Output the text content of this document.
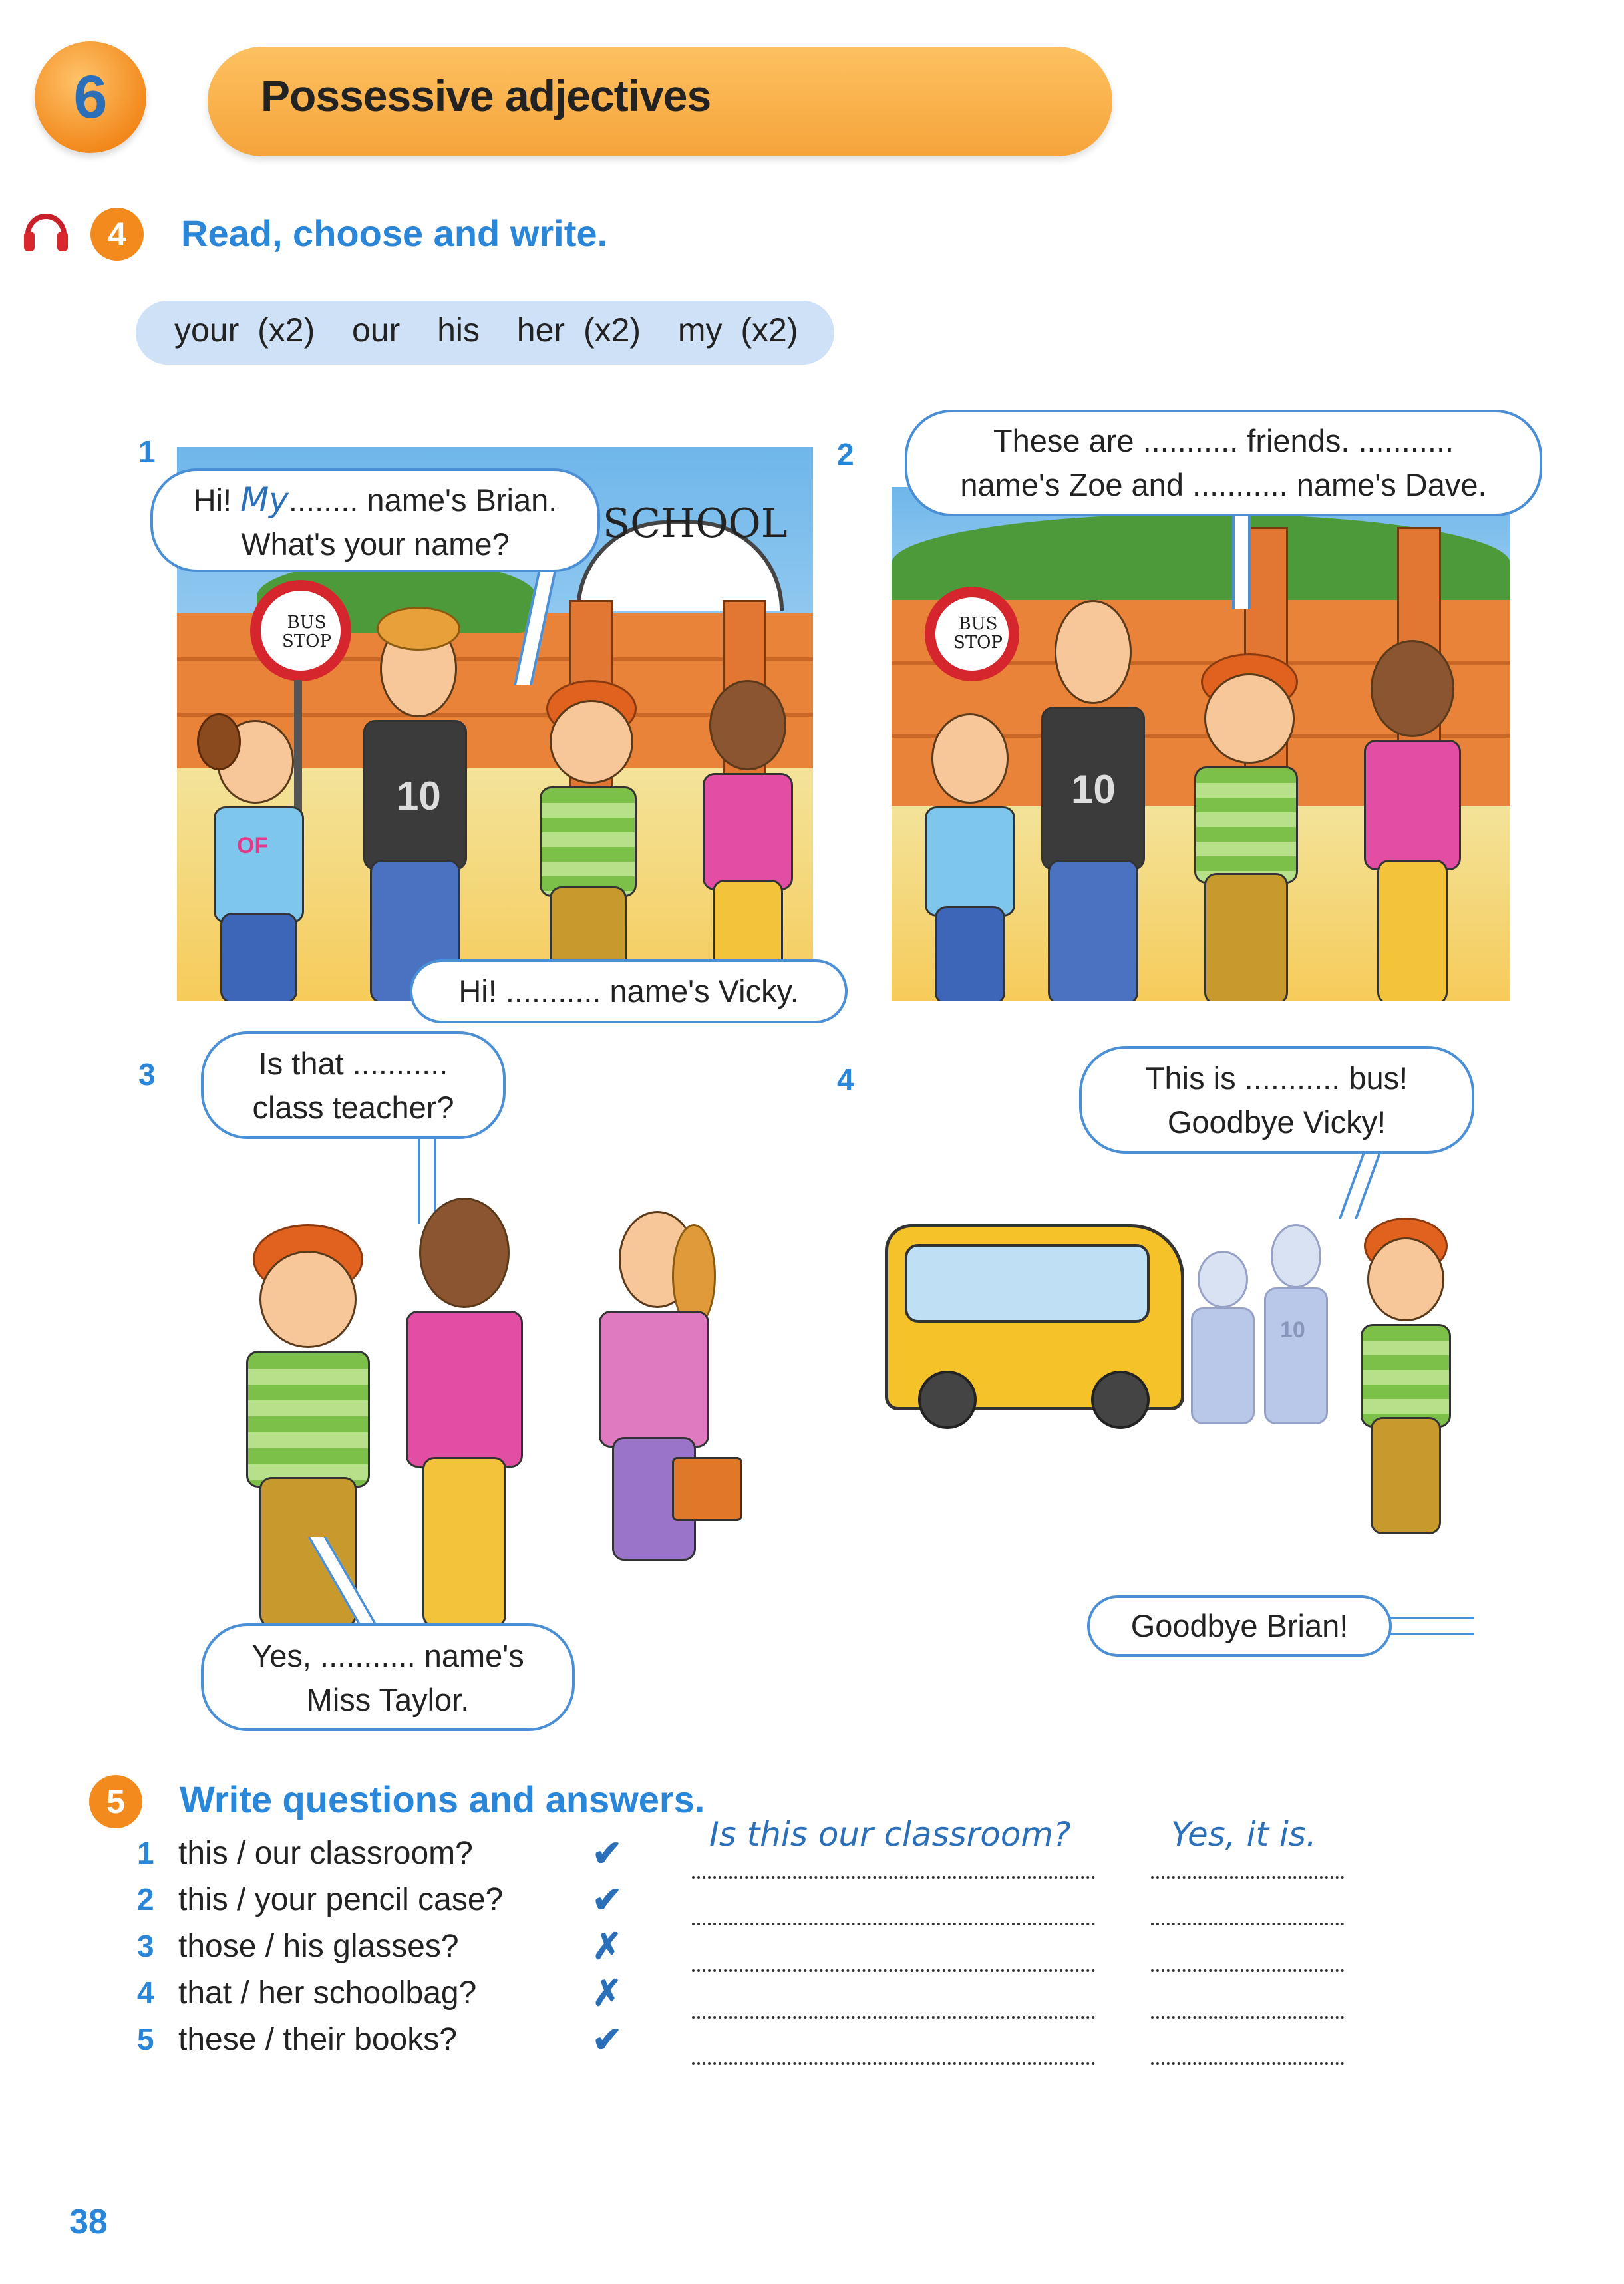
6	Possessive adjectives
4	Read, choose and write.
your (x2)  our  his  her (x2)  my (x2)
1
SCHOOL
BUS STOP
OF
10
Hi! My........ name's Brian.
What's your name?
Hi! ........... name's Vicky.
2
BUS STOP
10
These are ........... friends. ...........
name's Zoe and ........... name's Dave.
3	Is that ...........
class teacher?
Yes, ........... name's
Miss Taylor.
4	This is ........... bus!
Goodbye Vicky!
10
Goodbye Brian!
5	Write questions and answers.
1 this / our classroom?	✔	Is this our classroom?	Yes, it is.
2 this / your pencil case? ✔
3 those / his glasses?	✗
4 that / her schoolbag?	✗
5 these / their books?	✔
38
